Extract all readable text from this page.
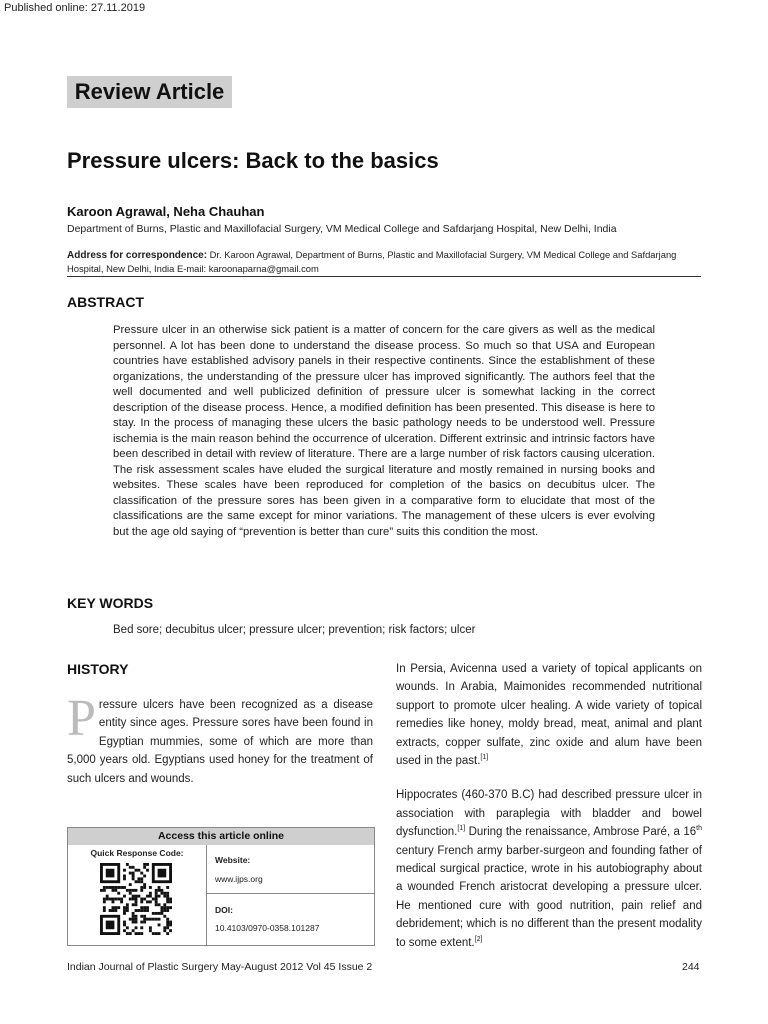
Published online: 27.11.2019
Review Article
Pressure ulcers: Back to the basics
Karoon Agrawal, Neha Chauhan
Department of Burns, Plastic and Maxillofacial Surgery, VM Medical College and Safdarjang Hospital, New Delhi, India
Address for correspondence: Dr. Karoon Agrawal, Department of Burns, Plastic and Maxillofacial Surgery, VM Medical College and Safdarjang Hospital, New Delhi, India E-mail: karoonaparna@gmail.com
ABSTRACT
Pressure ulcer in an otherwise sick patient is a matter of concern for the care givers as well as the medical personnel. A lot has been done to understand the disease process. So much so that USA and European countries have established advisory panels in their respective continents. Since the establishment of these organizations, the understanding of the pressure ulcer has improved significantly. The authors feel that the well documented and well publicized definition of pressure ulcer is somewhat lacking in the correct description of the disease process. Hence, a modified definition has been presented. This disease is here to stay. In the process of managing these ulcers the basic pathology needs to be understood well. Pressure ischemia is the main reason behind the occurrence of ulceration. Different extrinsic and intrinsic factors have been described in detail with review of literature. There are a large number of risk factors causing ulceration. The risk assessment scales have eluded the surgical literature and mostly remained in nursing books and websites. These scales have been reproduced for completion of the basics on decubitus ulcer. The classification of the pressure sores has been given in a comparative form to elucidate that most of the classifications are the same except for minor variations. The management of these ulcers is ever evolving but the age old saying of “prevention is better than cure” suits this condition the most.
KEY WORDS
Bed sore; decubitus ulcer; pressure ulcer; prevention; risk factors; ulcer
HISTORY
Pressure ulcers have been recognized as a disease entity since ages. Pressure sores have been found in Egyptian mummies, some of which are more than 5,000 years old. Egyptians used honey for the treatment of such ulcers and wounds.

In Persia, Avicenna used a variety of topical applicants on wounds. In Arabia, Maimonides recommended nutritional support to promote ulcer healing. A wide variety of topical remedies like honey, moldy bread, meat, animal and plant extracts, copper sulfate, zinc oxide and alum have been used in the past.[1]

Hippocrates (460-370 B.C) had described pressure ulcer in association with paraplegia with bladder and bowel dysfunction.[1] During the renaissance, Ambrose Paré, a 16th century French army barber-surgeon and founding father of medical surgical practice, wrote in his autobiography about a wounded French aristocrat developing a pressure ulcer. He mentioned cure with good nutrition, pain relief and debridement; which is no different than the present modality to some extent.[2]

Access this article online
Quick Response Code:
Website:
www.ijps.org
DOI:
10.4103/0970-0358.101287
Indian Journal of Plastic Surgery May-August 2012 Vol 45 Issue 2	244
